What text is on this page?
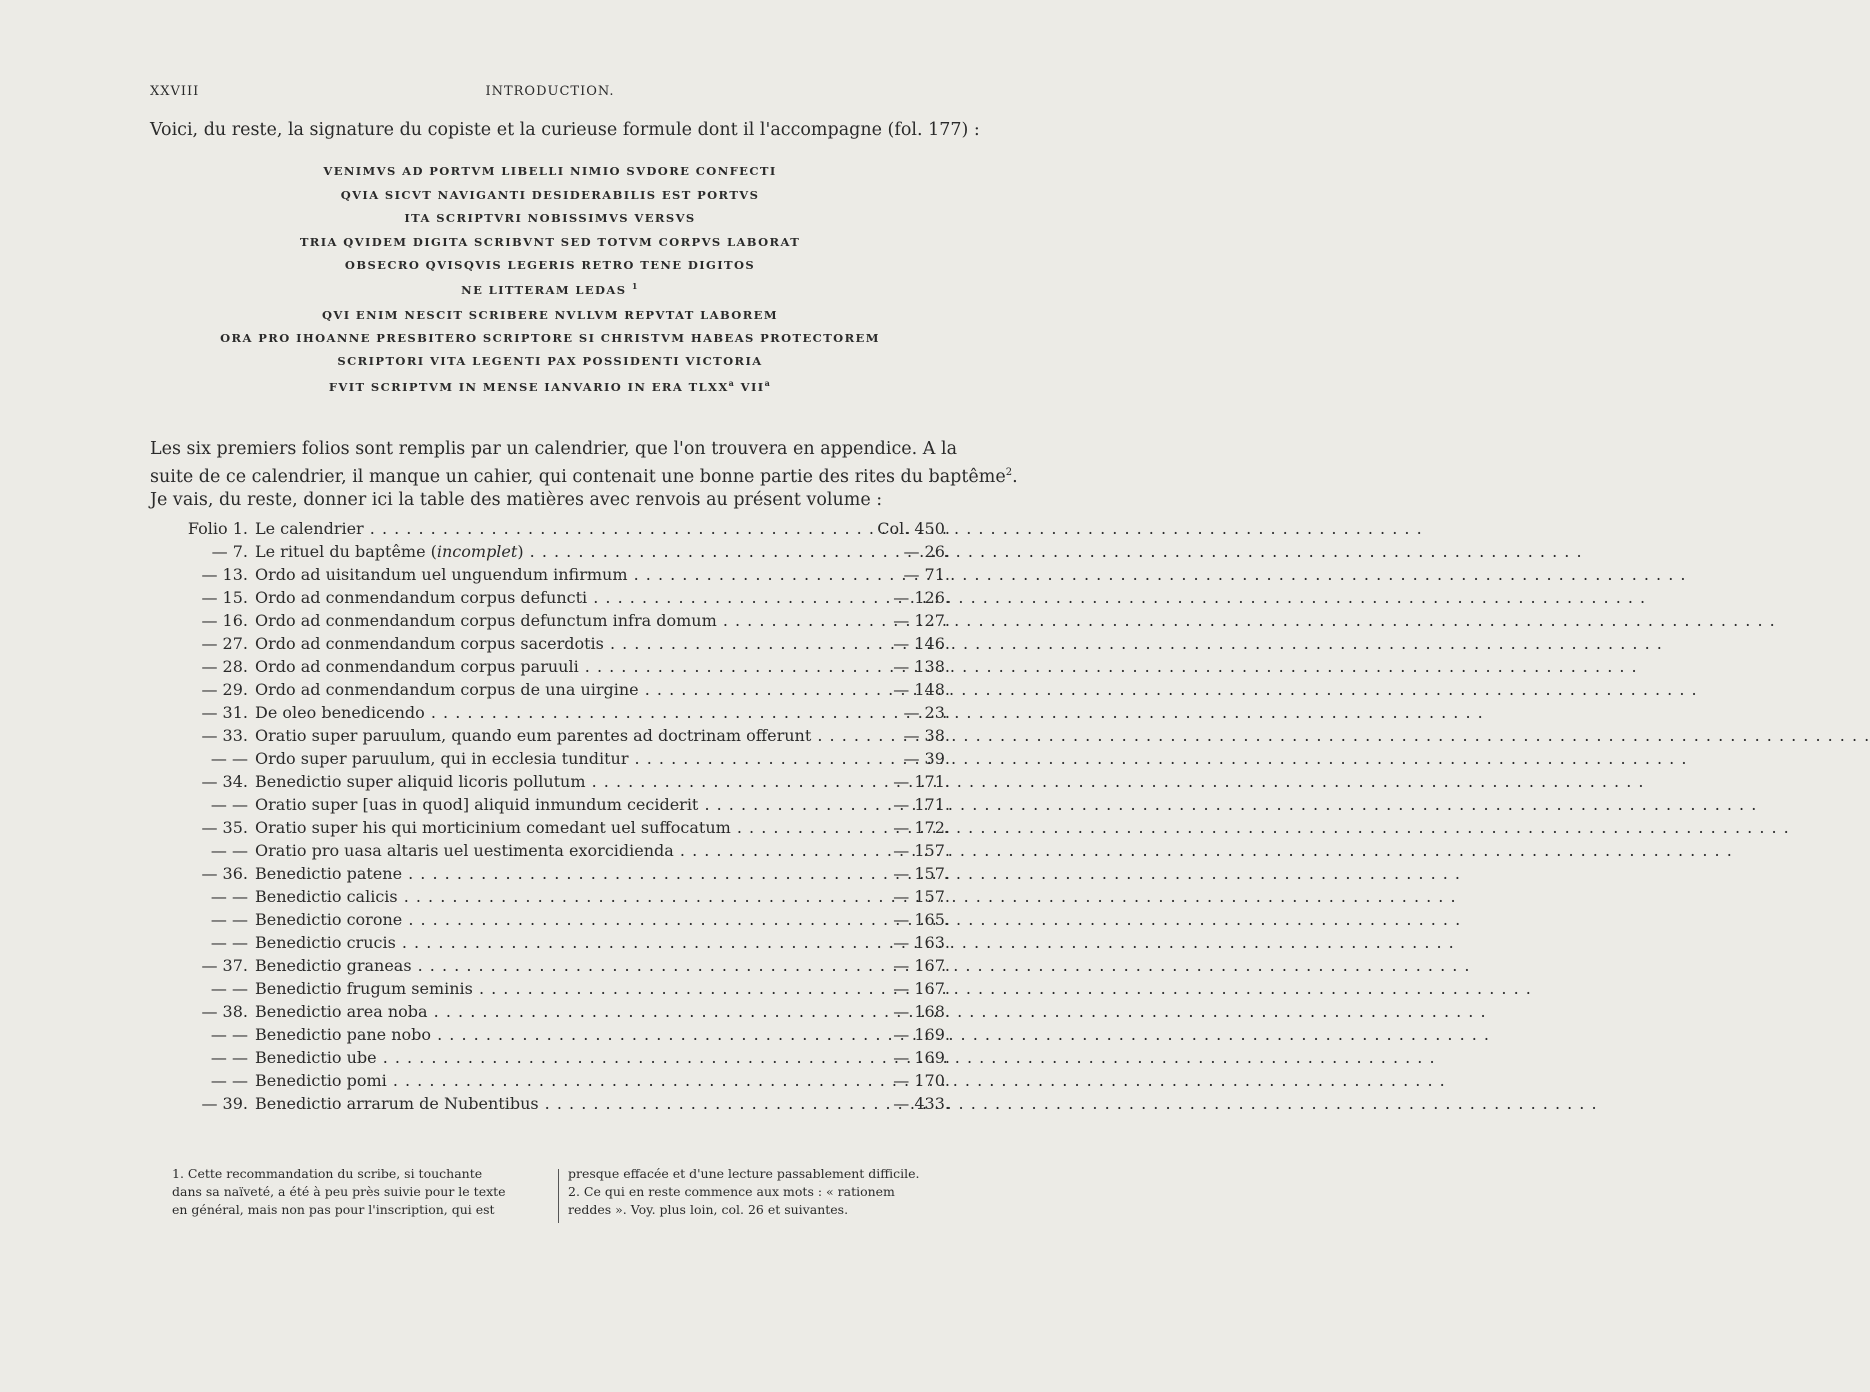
XXVIII	INTRODUCTION.
Voici, du reste, la signature du copiste et la curieuse formule dont il l'accompagne (fol. 177) :
VENIMVS AD PORTVM LIBELLI NIMIO SVDORE CONFECTI
QVIA SICVT NAVIGANTI DESIDERABILIS EST PORTVS
ITA SCRIPTVRI NOBISSIMVS VERSVS
TRIA QVIDEM DIGITA SCRIBVNT SED TOTVM CORPVS LABORAT
OBSECRO QVISQVIS LEGERIS RETRO TENE DIGITOS
NE LITTERAM LEDAS $^1$
QVI ENIM NESCIT SCRIBERE NVLLVM REPVTAT LABOREM
ORA PRO IHOANNE PRESBITERO SCRIPTORE SI CHRISTVM HABEAS PROTECTOREM
SCRIPTORI VITA LEGENTI PAX POSSIDENTI VICTORIA
FVIT SCRIPTVM IN MENSE IANVARIO IN ERA TLXX$^a$ VII$^a$
Les six premiers folios sont remplis par un calendrier, que l'on trouvera en appendice. A la
suite de ce calendrier, il manque un cahier, qui contenait une bonne partie des rites du baptême$^2$.
Je vais, du reste, donner ici la table des matières avec renvois au présent volume :
Folio 1. Le calendrier . . .	Col. 450.
— 7. Le rituel du baptême (incomplet) . . .	— 26.
— 13. Ordo ad uisitandum uel unguendum infirmum . . .	— 71.
— 15. Ordo ad conmendandum corpus defuncti . . .	— 126.
— 16. Ordo ad conmendandum corpus defunctum infra domum . . .	— 127.
— 27. Ordo ad conmendandum corpus sacerdotis . . .	— 146.
— 28. Ordo ad conmendandum corpus paruuli . . .	— 138.
— 29. Ordo ad conmendandum corpus de una uirgine . . .	— 148.
— 31. De oleo benedicendo . . .	— 23.
— 33. Oratio super paruulum, quando eum parentes ad doctrinam offerunt . . .	— 38.
— — Ordo super paruulum, qui in ecclesia tunditur . . .	— 39.
— 34. Benedictio super aliquid licoris pollutum . . .	— 171.
— — Oratio super [uas in quod] aliquid inmundum ceciderit . . .	— 171.
— 35. Oratio super his qui morticinium comedant uel suffocatum . . .	— 172.
— — Oratio pro uasa altaris uel uestimenta exorcidienda . . .	— 157.
— 36. Benedictio patene . . .	— 157.
— — Benedictio calicis . . .	— 157.
— — Benedictio corone . . .	— 165.
— — Benedictio crucis . . .	— 163.
— 37. Benedictio graneas . . .	— 167.
— — Benedictio frugum seminis . . .	— 167.
— 38. Benedictio area noba . . .	— 168.
— — Benedictio pane nobo . . .	— 169.
— — Benedictio ube . . .	— 169.
— — Benedictio pomi . . .	— 170.
— 39. Benedictio arrarum de Nubentibus . . .	— 433.
1. Cette recommandation du scribe, si touchante
dans sa naïveté, a été à peu près suivie pour le texte
en général, mais non pas pour l'inscription, qui est
presque effacée et d'une lecture passablement difficile.
2. Ce qui en reste commence aux mots : « rationem
reddes ». Voy. plus loin, col. 26 et suivantes.
